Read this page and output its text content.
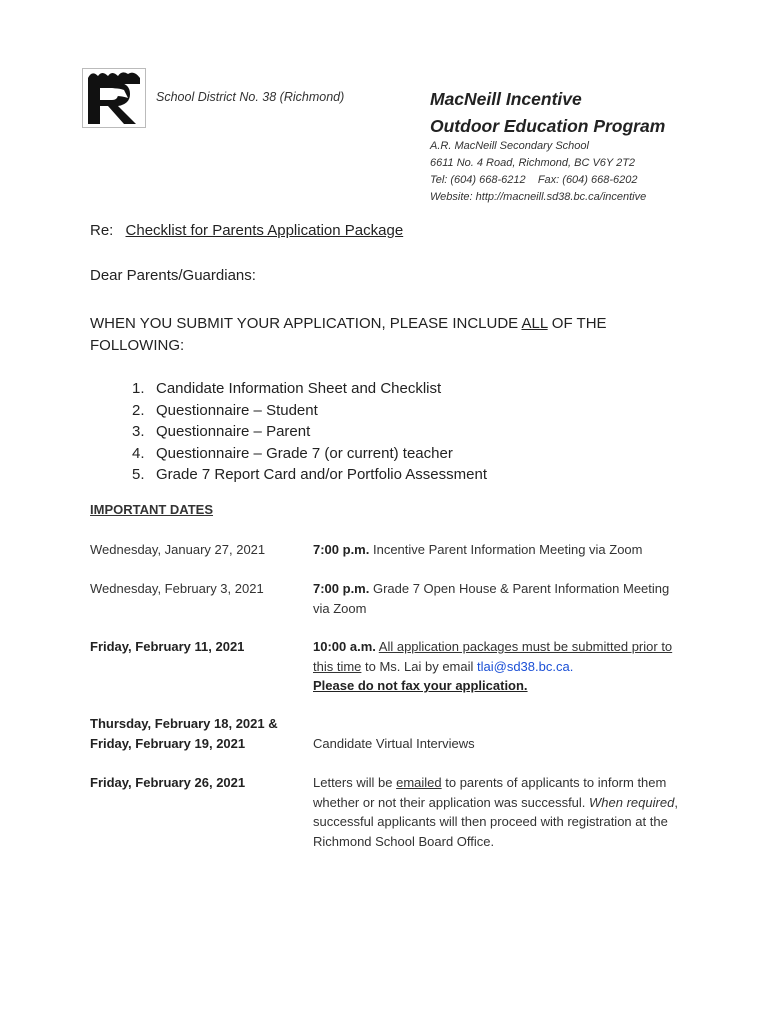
School District No. 38 (Richmond)	MacNeill Incentive
Outdoor Education Program
A.R. MacNeill Secondary School
6611 No. 4 Road, Richmond, BC V6Y 2T2
Tel: (604) 668-6212    Fax: (604) 668-6202
Website: http://macneill.sd38.bc.ca/incentive
Re: Checklist for Parents Application Package
Dear Parents/Guardians:
WHEN YOU SUBMIT YOUR APPLICATION, PLEASE INCLUDE ALL OF THE FOLLOWING:
1. Candidate Information Sheet and Checklist
2. Questionnaire – Student
3. Questionnaire – Parent
4. Questionnaire – Grade 7 (or current) teacher
5. Grade 7 Report Card and/or Portfolio Assessment
IMPORTANT DATES
Wednesday, January 27, 2021	7:00 p.m. Incentive Parent Information Meeting via Zoom
Wednesday, February 3, 2021	7:00 p.m. Grade 7 Open House & Parent Information Meeting via Zoom
Friday, February 11, 2021	10:00 a.m. All application packages must be submitted prior to this time to Ms. Lai by email tlai@sd38.bc.ca.
Please do not fax your application.
Thursday, February 18, 2021 &
Friday, February 19, 2021	Candidate Virtual Interviews
Friday, February 26, 2021	Letters will be emailed to parents of applicants to inform them whether or not their application was successful. When required, successful applicants will then proceed with registration at the Richmond School Board Office.
